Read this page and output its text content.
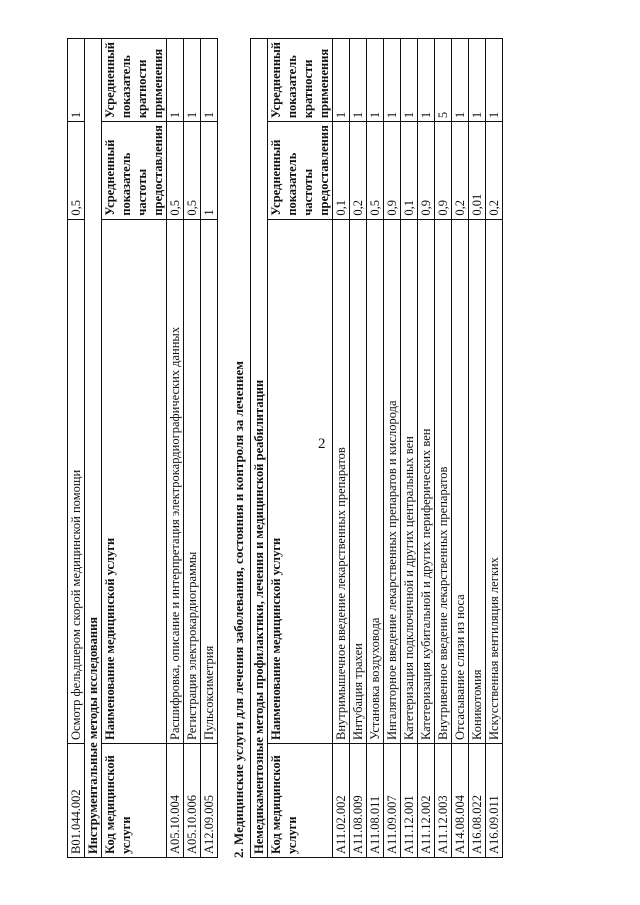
2
B01.044.002	Осмотр фельдшером скорой медицинской помощи	0,5	1
Инструментальные методы исследования			
Код медицинской услуги	Наименование медицинской услуги	Усредненный показатель частоты предоставления	Усредненный показатель кратности применения
A05.10.004	Расшифровка, описание и интерпретация электрокардиографических данных	0,5	1
A05.10.006	Регистрация электрокардиограммы	0,5	1
A12.09.005	Пульсоксиметрия	1	1
2. Медицинские услуги для лечения заболевания, состояния и контроля за лечением Немедикаментозные методы профилактики, лечения и медицинской реабилитации			
Код медицинской услуги	Наименование медицинской услуги	Усредненный показатель частоты предоставления	Усредненный показатель кратности применения
A11.02.002	Внутримышечное введение лекарственных препаратов	0,1	1
A11.08.009	Интубация трахеи	0,2	1
A11.08.011	Установка воздуховода	0,5	1
A11.09.007	Ингаляторное введение лекарственных препаратов и кислорода	0,9	1
A11.12.001	Катетеризация подключичной и других центральных вен	0,1	1
A11.12.002	Катетеризация кубитальной и других периферических вен	0,9	1
A11.12.003	Внутривенное введение лекарственных препаратов	0,9	5
A14.08.004	Отсасывание слизи из носа	0,2	1
A16.08.022	Коникотомия	0,01	1
A16.09.011	Искусственная вентиляция легких	0,2	1
